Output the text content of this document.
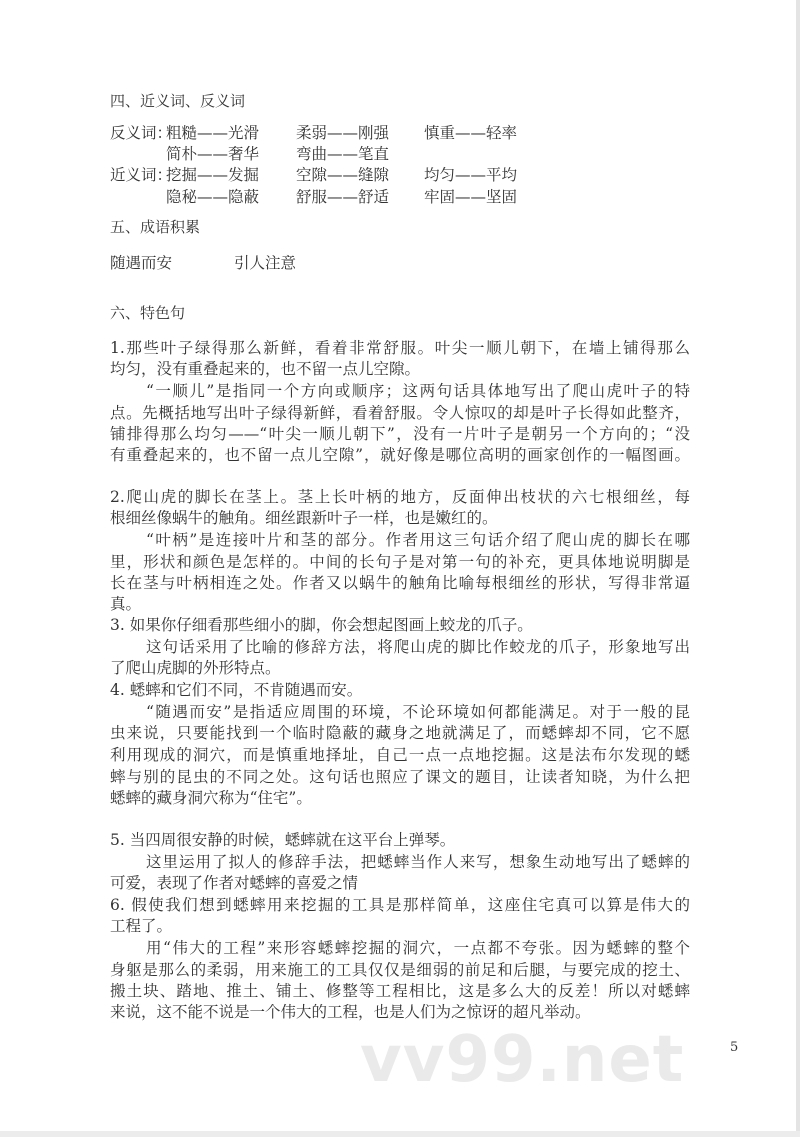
四、近义词、反义词
反义词：
粗糙——光滑 柔弱——刚强 慎重——轻率
简朴——奢华 弯曲——笔直
近义词：
挖掘——发掘 空隙——缝隙 均匀——平均
隐秘——隐蔽 舒服——舒适 牢固——坚固
五、成语积累
随遇而安	引人注意
六、特色句
1.那些叶子绿得那么新鲜，看着非常舒服。叶尖一顺儿朝下，在墙上铺得那么
均匀，没有重叠起来的，也不留一点儿空隙。
“一顺儿”是指同一个方向或顺序；这两句话具体地写出了爬山虎叶子的特
点。先概括地写出叶子绿得新鲜，看着舒服。令人惊叹的却是叶子长得如此整齐，
铺排得那么均匀——“叶尖一顺儿朝下”，没有一片叶子是朝另一个方向的；“没
有重叠起来的，也不留一点儿空隙”，就好像是哪位高明的画家创作的一幅图画。
2.爬山虎的脚长在茎上。茎上长叶柄的地方，反面伸出枝状的六七根细丝，每
根细丝像蜗牛的触角。细丝跟新叶子一样，也是嫩红的。
“叶柄”是连接叶片和茎的部分。作者用这三句话介绍了爬山虎的脚长在哪
里，形状和颜色是怎样的。中间的长句子是对第一句的补充，更具体地说明脚是
长在茎与叶柄相连之处。作者又以蜗牛的触角比喻每根细丝的形状，写得非常逼
真。
3. 如果你仔细看那些细小的脚，你会想起图画上蛟龙的爪子。
这句话采用了比喻的修辞方法，将爬山虎的脚比作蛟龙的爪子，形象地写出
了爬山虎脚的外形特点。
4. 蟋蟀和它们不同，不肯随遇而安。
“随遇而安”是指适应周围的环境，不论环境如何都能满足。对于一般的昆
虫来说，只要能找到一个临时隐蔽的藏身之地就满足了，而蟋蟀却不同，它不愿
利用现成的洞穴，而是慎重地择址，自己一点一点地挖掘。这是法布尔发现的蟋
蟀与别的昆虫的不同之处。这句话也照应了课文的题目，让读者知晓，为什么把
蟋蟀的藏身洞穴称为“住宅”。
5. 当四周很安静的时候，蟋蟀就在这平台上弹琴。
这里运用了拟人的修辞手法，把蟋蟀当作人来写，想象生动地写出了蟋蟀的
可爱，表现了作者对蟋蟀的喜爱之情
6. 假使我们想到蟋蟀用来挖掘的工具是那样简单，这座住宅真可以算是伟大的
工程了。
用“伟大的工程”来形容蟋蟀挖掘的洞穴，一点都不夸张。因为蟋蟀的整个
身躯是那么的柔弱，用来施工的工具仅仅是细弱的前足和后腿，与要完成的挖土、
搬土块、踏地、推土、铺土、修整等工程相比，这是多么大的反差！所以对蟋蟀
来说，这不能不说是一个伟大的工程，也是人们为之惊讶的超凡举动。
5
vv99.net
